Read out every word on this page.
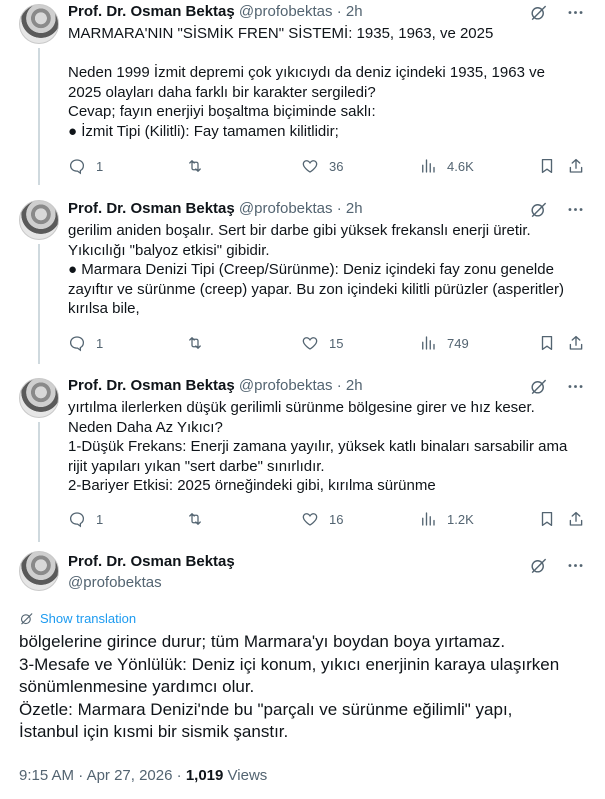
Prof. Dr. Osman Bektaş @profobektas · 2h

MARMARA'NIN "SİSMİK FREN" SİSTEMİ: 1935, 1963, ve 2025

Neden 1999 İzmit depremi çok yıkıcıydı da deniz içindeki 1935, 1963 ve

2025 olayları daha farklı bir karakter sergiledi?

Cevap; fayın enerjiyi boşaltma biçiminde saklı:

● İzmit Tipi (Kilitli): Fay tamamen kilitlidir;

1	36	4.6K
Prof. Dr. Osman Bektaş @profobektas · 2h

gerilim aniden boşalır. Sert bir darbe gibi yüksek frekanslı enerji üretir.

Yıkıcılığı "balyoz etkisi" gibidir.

● Marmara Denizi Tipi (Creep/Sürünme): Deniz içindeki fay zonu genelde

zayıftır ve sürünme (creep) yapar. Bu zon içindeki kilitli pürüzler (asperitler)

kırılsa bile,

1	15	749
Prof. Dr. Osman Bektaş @profobektas · 2h

yırtılma ilerlerken düşük gerilimli sürünme bölgesine girer ve hız keser.

Neden Daha Az Yıkıcı?

1-Düşük Frekans: Enerji zamana yayılır, yüksek katlı binaları sarsabilir ama

rijit yapıları yıkan "sert darbe" sınırlıdır.

2-Bariyer Etkisi: 2025 örneğindeki gibi, kırılma sürünme

1	16	1.2K
Prof. Dr. Osman Bektaş
@profobektas
Show translation

bölgelerine girince durur; tüm Marmara'yı boydan boya yırtamaz.

3-Mesafe ve Yönlülük: Deniz içi konum, yıkıcı enerjinin karaya ulaşırken

sönümlenmesine yardımcı olur.

Özetle: Marmara Denizi'nde bu "parçalı ve sürünme eğilimli" yapı,

İstanbul için kısmi bir sismik şanstır.

9:15 AM · Apr 27, 2026 · 1,019 Views
